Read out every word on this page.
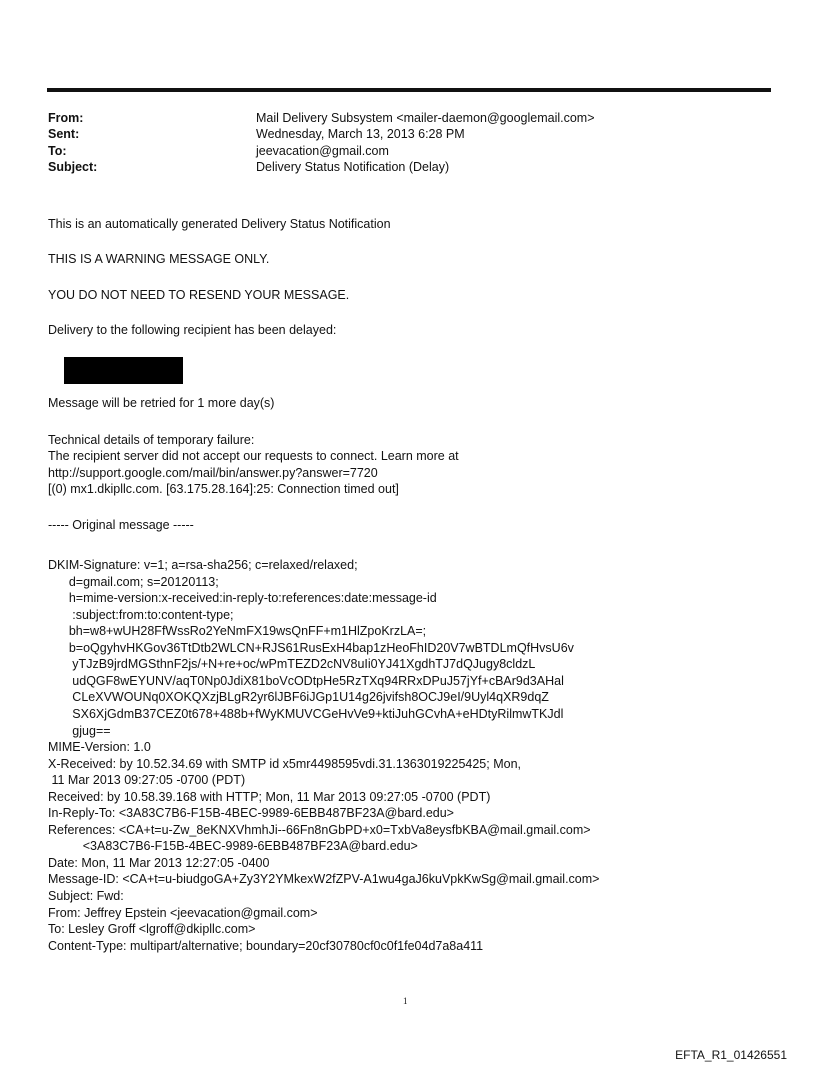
From:	Mail Delivery Subsystem <mailer-daemon@googlemail.com>
Sent:	Wednesday, March 13, 2013 6:28 PM
To:	jeevacation@gmail.com
Subject:	Delivery Status Notification (Delay)
This is an automatically generated Delivery Status Notification
THIS IS A WARNING MESSAGE ONLY.
YOU DO NOT NEED TO RESEND YOUR MESSAGE.
Delivery to the following recipient has been delayed:
Message will be retried for 1 more day(s)
Technical details of temporary failure:
The recipient server did not accept our requests to connect. Learn more at
http://support.google.com/mail/bin/answer.py?answer=7720
[(0) mx1.dkipllc.com. [63.175.28.164]:25: Connection timed out]
----- Original message -----
DKIM-Signature: v=1; a=rsa-sha256; c=relaxed/relaxed;
d=gmail.com; s=20120113;
h=mime-version:x-received:in-reply-to:references:date:message-id
:subject:from:to:content-type;
bh=w8+wUH28FfWssRo2YeNmFX19wsQnFF+m1HlZpoKrzLA=;
b=oQgyhvHKGov36TtDtb2WLCN+RJS61RusExH4bap1zHeoFhID20V7wBTDLmQfHvsU6v
yTJzB9jrdMGSthnF2js/+N+re+oc/wPmTEZD2cNV8uIi0YJ41XgdhTJ7dQJugy8cldzL
udQGF8wEYUNV/aqT0Np0JdiX81boVcODtpHe5RzTXq94RRxDPuJ57jYf+cBAr9d3AHal
CLeXVWOUNq0XOKQXzjBLgR2yr6lJBF6iJGp1U14g26jvifsh8OCJ9eI/9Uyl4qXR9dqZ
SX6XjGdmB37CEZ0t678+488b+fWyKMUVCGeHvVe9+ktiJuhGCvhA+eHDtyRilmwTKJdl
gjug==
MIME-Version: 1.0
X-Received: by 10.52.34.69 with SMTP id x5mr4498595vdi.31.1363019225425; Mon,
11 Mar 2013 09:27:05 -0700 (PDT)
Received: by 10.58.39.168 with HTTP; Mon, 11 Mar 2013 09:27:05 -0700 (PDT)
In-Reply-To: <3A83C7B6-F15B-4BEC-9989-6EBB487BF23A@bard.edu>
References: <CA+t=u-Zw_8eKNXVhmhJi--66Fn8nGbPD+x0=TxbVa8eysfbKBA@mail.gmail.com>
<3A83C7B6-F15B-4BEC-9989-6EBB487BF23A@bard.edu>
Date: Mon, 11 Mar 2013 12:27:05 -0400
Message-ID: <CA+t=u-biudgoGA+Zy3Y2YMkexW2fZPV-A1wu4gaJ6kuVpkKwSg@mail.gmail.com>
Subject: Fwd:
From: Jeffrey Epstein <jeevacation@gmail.com>
To: Lesley Groff <lgroff@dkipllc.com>
Content-Type: multipart/alternative; boundary=20cf30780cf0c0f1fe04d7a8a411
1
EFTA_R1_01426551
